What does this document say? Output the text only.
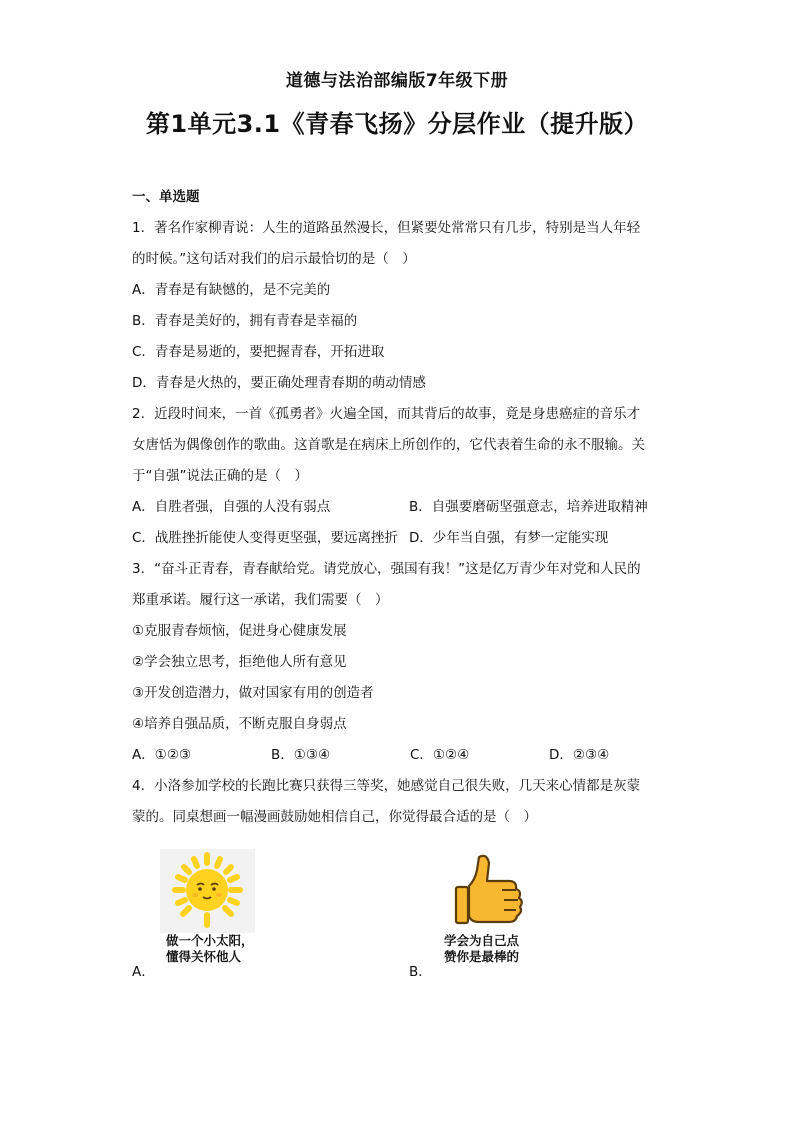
道德与法治部编版7年级下册
第1单元3.1《青春飞扬》分层作业（提升版）
一、单选题
1．著名作家柳青说：人生的道路虽然漫长，但紧要处常常只有几步，特别是当人年轻
的时候。”这句话对我们的启示最恰切的是（　）
A．青春是有缺憾的，是不完美的
B．青春是美好的，拥有青春是幸福的
C．青春是易逝的，要把握青春，开拓进取
D．青春是火热的，要正确处理青春期的萌动情感
2．近段时间来，一首《孤勇者》火遍全国，而其背后的故事，竟是身患癌症的音乐才
女唐恬为偶像创作的歌曲。这首歌是在病床上所创作的，它代表着生命的永不服输。关
于“自强”说法正确的是（　）
A．自胜者强，自强的人没有弱点	B．自强要磨砺坚强意志，培养进取精神
C．战胜挫折能使人变得更坚强，要远离挫折 D．少年当自强，有梦一定能实现
3．“奋斗正青春，青春献给党。请党放心，强国有我！”这是亿万青少年对党和人民的
郑重承诺。履行这一承诺，我们需要（　）
①克服青春烦恼，促进身心健康发展
②学会独立思考，拒绝他人所有意见
③开发创造潜力，做对国家有用的创造者
④培养自强品质，不断克服自身弱点
A．①②③	B．①③④	C．①②④	D．②③④
4．小洛参加学校的长跑比赛只获得三等奖，她感觉自己很失败，几天来心情都是灰蒙
蒙的。同桌想画一幅漫画鼓励她相信自己，你觉得最合适的是（　）
A．
做一个小太阳，
懂得关怀他人
B．
学会为自己点
赞你是最棒的
